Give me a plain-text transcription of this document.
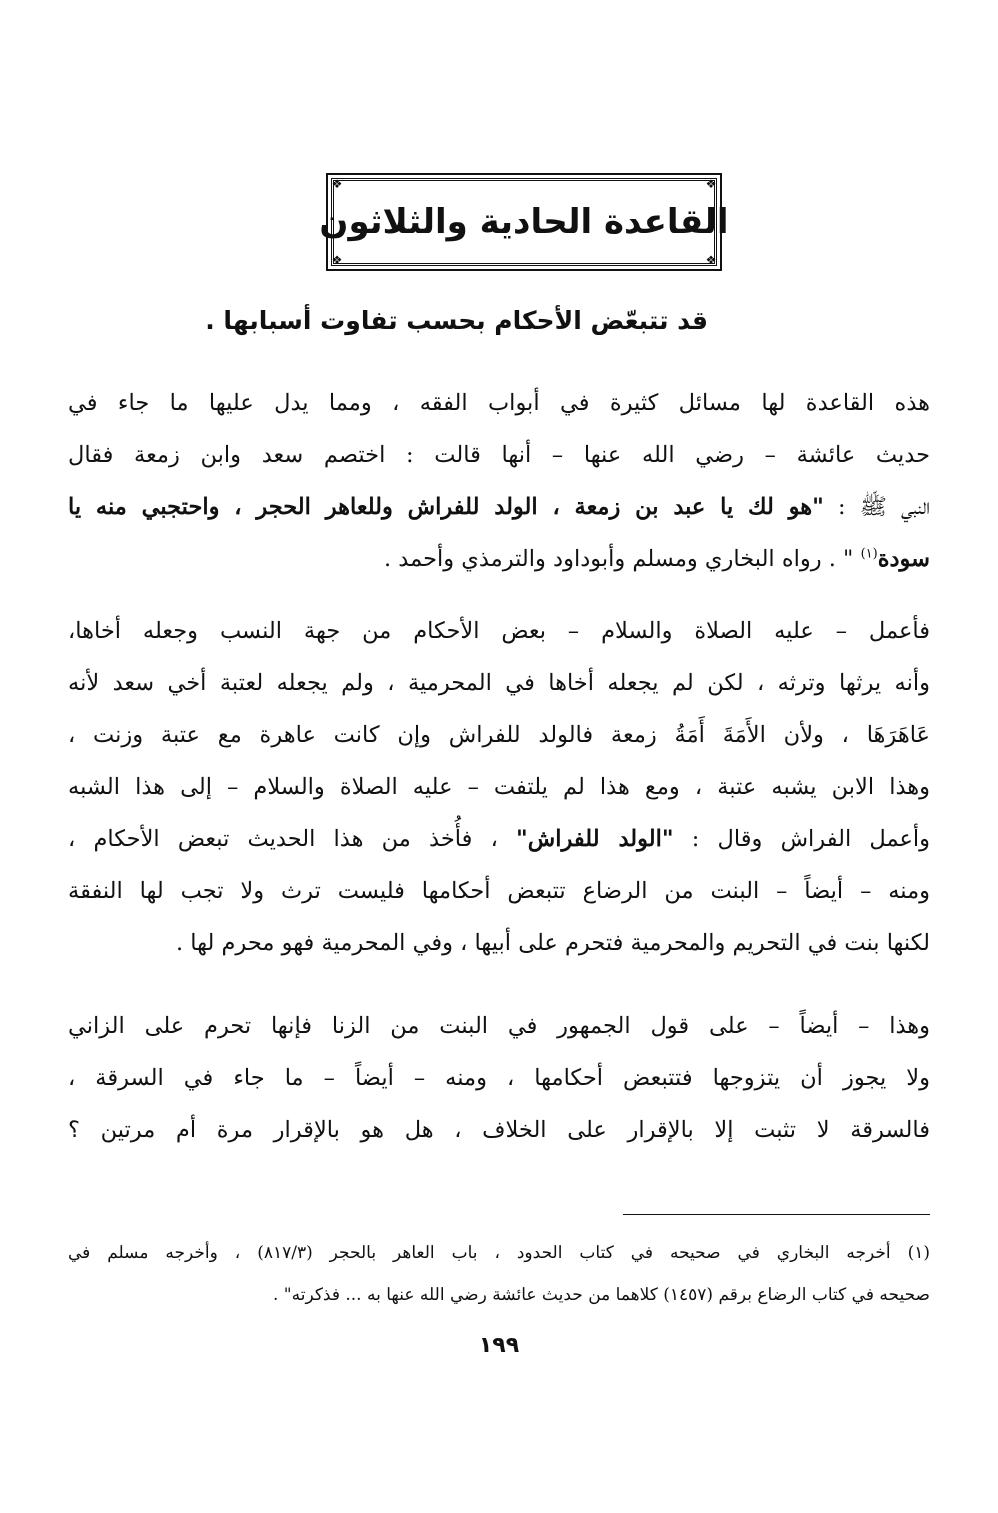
❖	❖
❖	❖
القاعدة الحادية والثلاثون
قد تتبعّض الأحكام بحسب تفاوت أسبابها .
هذه القاعدة لها مسائل كثيرة في أبواب الفقه ، ومما يدل عليها ما جاء في
حديث عائشة – رضي الله عنها – أنها قالت : اختصم سعد وابن زمعة فقال
النبي ﷺ : "هو لك يا عبد بن زمعة ، الولد للفراش وللعاهر الحجر ، واحتجبي منه يا
سودة$^{(١)}$ " . رواه البخاري ومسلم وأبوداود والترمذي وأحمد .
فأعمل – عليه الصلاة والسلام – بعض الأحكام من جهة النسب وجعله أخاها،
وأنه يرثها وترثه ، لكن لم يجعله أخاها في المحرمية ، ولم يجعله لعتبة أخي سعد لأنه
عَاهَرَهَا ، ولأن الأَمَةَ أَمَةُ زمعة فالولد للفراش وإن كانت عاهرة مع عتبة وزنت ،
وهذا الابن يشبه عتبة ، ومع هذا لم يلتفت – عليه الصلاة والسلام – إلى هذا الشبه
وأعمل الفراش وقال : "الولد للفراش" ، فأُخذ من هذا الحديث تبعض الأحكام ،
ومنه – أيضاً – البنت من الرضاع تتبعض أحكامها فليست ترث ولا تجب لها النفقة
لكنها بنت في التحريم والمحرمية فتحرم على أبيها ، وفي المحرمية فهو محرم لها .
وهذا – أيضاً – على قول الجمهور في البنت من الزنا فإنها تحرم على الزاني
ولا يجوز أن يتزوجها فتتبعض أحكامها ، ومنه – أيضاً – ما جاء في السرقة ،
فالسرقة لا تثبت إلا بالإقرار على الخلاف ، هل هو بالإقرار مرة أم مرتين ؟
(١) أخرجه البخاري في صحيحه في كتاب الحدود ، باب العاهر بالحجر (٨١٧/٣) ، وأخرجه مسلم في
صحيحه في كتاب الرضاع برقم (١٤٥٧) كلاهما من حديث عائشة رضي الله عنها به ... فذكرته" .
١٩٩
